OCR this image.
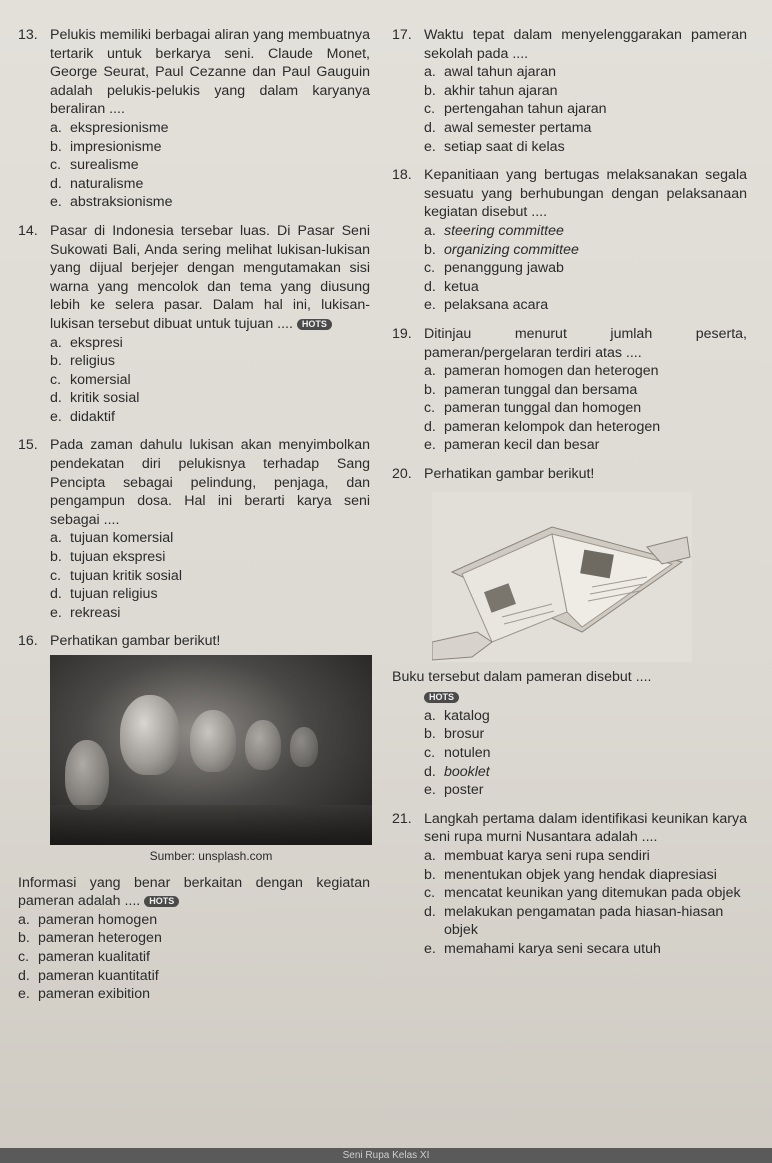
13. Pelukis memiliki berbagai aliran yang membuatnya tertarik untuk berkarya seni. Claude Monet, George Seurat, Paul Cezanne dan Paul Gauguin adalah pelukis-pelukis yang dalam karyanya beraliran ....
a. ekspresionisme
b. impresionisme
c. surealisme
d. naturalisme
e. abstraksionisme
14. Pasar di Indonesia tersebar luas. Di Pasar Seni Sukowati Bali, Anda sering melihat lukisan-lukisan yang dijual berjejer dengan mengutamakan sisi warna yang mencolok dan tema yang diusung lebih ke selera pasar. Dalam hal ini, lukisan-lukisan tersebut dibuat untuk tujuan .... HOTS
a. ekspresi
b. religius
c. komersial
d. kritik sosial
e. didaktif
15. Pada zaman dahulu lukisan akan menyimbolkan pendekatan diri pelukisnya terhadap Sang Pencipta sebagai pelindung, penjaga, dan pengampun dosa. Hal ini berarti karya seni sebagai ....
a. tujuan komersial
b. tujuan ekspresi
c. tujuan kritik sosial
d. tujuan religius
e. rekreasi
16. Perhatikan gambar berikut!
Sumber: unsplash.com
Informasi yang benar berkaitan dengan kegiatan pameran adalah .... HOTS
a. pameran homogen
b. pameran heterogen
c. pameran kualitatif
d. pameran kuantitatif
e. pameran exibition
17. Waktu tepat dalam menyelenggarakan pameran sekolah pada ....
a. awal tahun ajaran
b. akhir tahun ajaran
c. pertengahan tahun ajaran
d. awal semester pertama
e. setiap saat di kelas
18. Kepanitiaan yang bertugas melaksanakan segala sesuatu yang berhubungan dengan pelaksanaan kegiatan disebut ....
a. steering committee
b. organizing committee
c. penanggung jawab
d. ketua
e. pelaksana acara
19. Ditinjau menurut jumlah peserta, pameran/pergelaran terdiri atas ....
a. pameran homogen dan heterogen
b. pameran tunggal dan bersama
c. pameran tunggal dan homogen
d. pameran kelompok dan heterogen
e. pameran kecil dan besar
20. Perhatikan gambar berikut!
Buku tersebut dalam pameran disebut ....
HOTS
a. katalog
b. brosur
c. notulen
d. booklet
e. poster
21. Langkah pertama dalam identifikasi keunikan karya seni rupa murni Nusantara adalah ....
a. membuat karya seni rupa sendiri
b. menentukan objek yang hendak diapresiasi
c. mencatat keunikan yang ditemukan pada objek
d. melakukan pengamatan pada hiasan-hiasan objek
e. memahami karya seni secara utuh
Seni Rupa Kelas XI
